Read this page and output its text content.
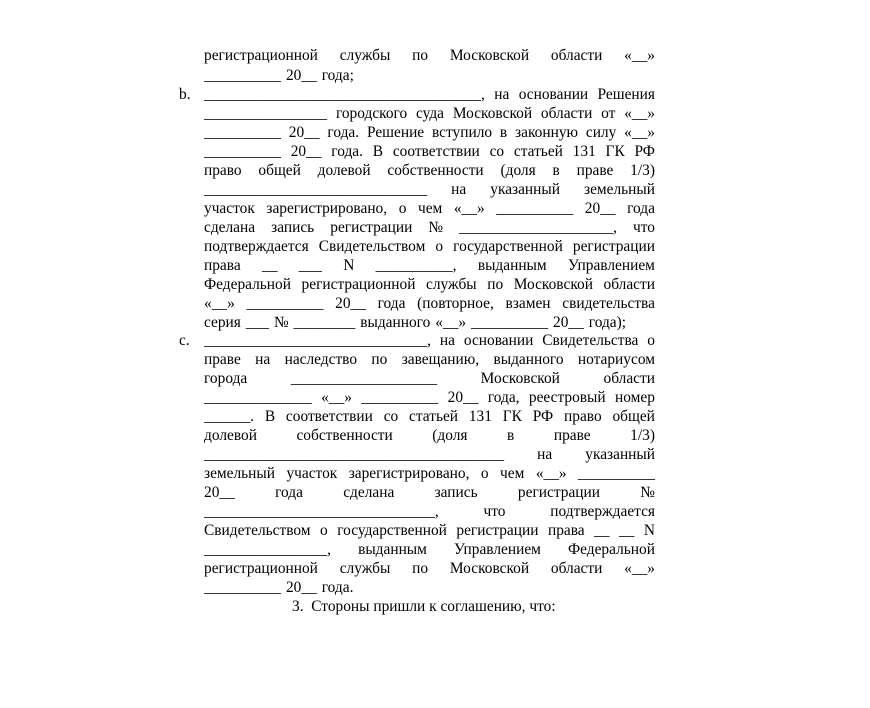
регистрационной службы по Московской области «__»
__________ 20__ года;
____________________________________, на основании Решения
________________ городского суда Московской области от «__»
__________ 20__ года. Решение вступило в законную силу «__»
__________ 20__ года. В соответствии со статьей 131 ГК РФ
право общей долевой собственности (доля в праве 1/3)
_____________________________ на указанный земельный
участок зарегистрировано, о чем «__» __________ 20__ года
сделана запись регистрации № ____________________, что
подтверждается Свидетельством о государственной регистрации
права __ ___ N __________, выданным Управлением
Федеральной регистрационной службы по Московской области
«__» __________ 20__ года (повторное, взамен свидетельства
серия ___ № ________ выданного «__» __________ 20__ года);
_____________________________, на основании Свидетельства о
праве на наследство по завещанию, выданного нотариусом
города	___________________	Московской	области
______________ «__» __________ 20__ года, реестровый номер
______. В соответствии со статьей 131 ГК РФ право общей
долевой	собственности	(доля	в	праве	1/3)
_______________________________________ на указанный
земельный участок зарегистрировано, о чем «__» __________
20__	года	сделана	запись	регистрации	№
______________________________,	что	подтверждается
Свидетельством о государственной регистрации права __ __ N
________________, выданным Управлением Федеральной
регистрационной службы по Московской области «__»
__________ 20__ года.
b.
c.
3.  Стороны пришли к соглашению, что:
